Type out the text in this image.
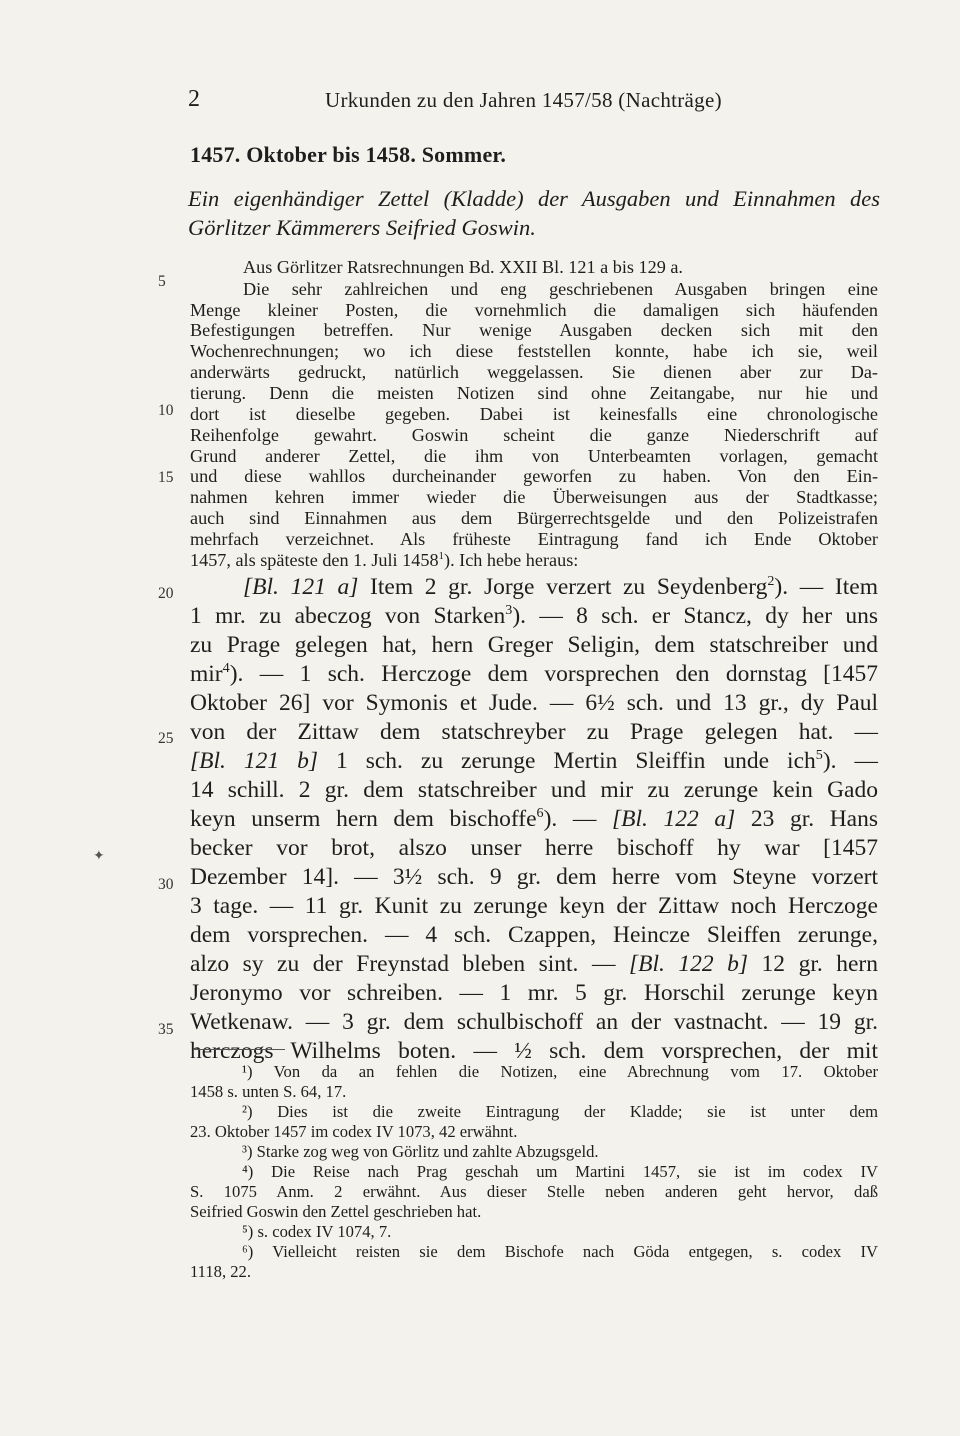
2	Urkunden zu den Jahren 1457/58 (Nachträge)
1457. Oktober bis 1458. Sommer.
Ein eigenhändiger Zettel (Kladde) der Ausgaben und Einnahmen des Görlitzer Kämmerers Seifried Goswin.
Aus Görlitzer Ratsrechnungen Bd. XXII Bl. 121 a bis 129 a.
Die sehr zahlreichen und eng geschriebenen Ausgaben bringen eine
Menge kleiner Posten, die vornehmlich die damaligen sich häufenden
Befestigungen betreffen. Nur wenige Ausgaben decken sich mit den
Wochenrechnungen; wo ich diese feststellen konnte, habe ich sie, weil
anderwärts gedruckt, natürlich weggelassen. Sie dienen aber zur Da-
tierung. Denn die meisten Notizen sind ohne Zeitangabe, nur hie und
dort ist dieselbe gegeben. Dabei ist keinesfalls eine chronologische
Reihenfolge gewahrt. Goswin scheint die ganze Niederschrift auf
Grund anderer Zettel, die ihm von Unterbeamten vorlagen, gemacht
und diese wahllos durcheinander geworfen zu haben. Von den Ein-
nahmen kehren immer wieder die Überweisungen aus der Stadtkasse;
auch sind Einnahmen aus dem Bürgerrechtsgelde und den Polizeistrafen
mehrfach verzeichnet. Als früheste Eintragung fand ich Ende Oktober
1457, als späteste den 1. Juli 1458$^1$). Ich hebe heraus:
5
10
15
20
25
30
35
[Bl. 121 a] Item 2 gr. Jorge verzert zu Seydenberg$^2$). — Item
1 mr. zu abeczog von Starken$^3$). — 8 sch. er Stancz, dy her uns
zu Prage gelegen hat, hern Greger Seligin, dem statschreiber und
mir$^4$). — 1 sch. Herczoge dem vorsprechen den dornstag [1457
Oktober 26] vor Symonis et Jude. — 6½ sch. und 13 gr., dy Paul
von der Zittaw dem statschreyber zu Prage gelegen hat. —
[Bl. 121 b] 1 sch. zu zerunge Mertin Sleiffin unde ich$^5$). —
14 schill. 2 gr. dem statschreiber und mir zu zerunge kein Gado
keyn unserm hern dem bischoffe$^6$). — [Bl. 122 a] 23 gr. Hans
becker vor brot, alszo unser herre bischoff hy war [1457
Dezember 14]. — 3½ sch. 9 gr. dem herre vom Steyne vorzert
3 tage. — 11 gr. Kunit zu zerunge keyn der Zittaw noch Herczoge
dem vorsprechen. — 4 sch. Czappen, Heincze Sleiffen zerunge,
alzo sy zu der Freynstad bleben sint. — [Bl. 122 b] 12 gr. hern
Jeronymo vor schreiben. — 1 mr. 5 gr. Horschil zerunge keyn
Wetkenaw. — 3 gr. dem schulbischoff an der vastnacht. — 19 gr.
herczogs Wilhelms boten. — ½ sch. dem vorsprechen, der mit
✦
¹) Von da an fehlen die Notizen, eine Abrechnung vom 17. Oktober
1458 s. unten S. 64, 17.
²) Dies ist die zweite Eintragung der Kladde; sie ist unter dem
23. Oktober 1457 im codex IV 1073, 42 erwähnt.
³) Starke zog weg von Görlitz und zahlte Abzugsgeld.
⁴) Die Reise nach Prag geschah um Martini 1457, sie ist im codex IV
S. 1075 Anm. 2 erwähnt. Aus dieser Stelle neben anderen geht hervor, daß
Seifried Goswin den Zettel geschrieben hat.
⁵) s. codex IV 1074, 7.
⁶) Vielleicht reisten sie dem Bischofe nach Göda entgegen, s. codex IV
1118, 22.
